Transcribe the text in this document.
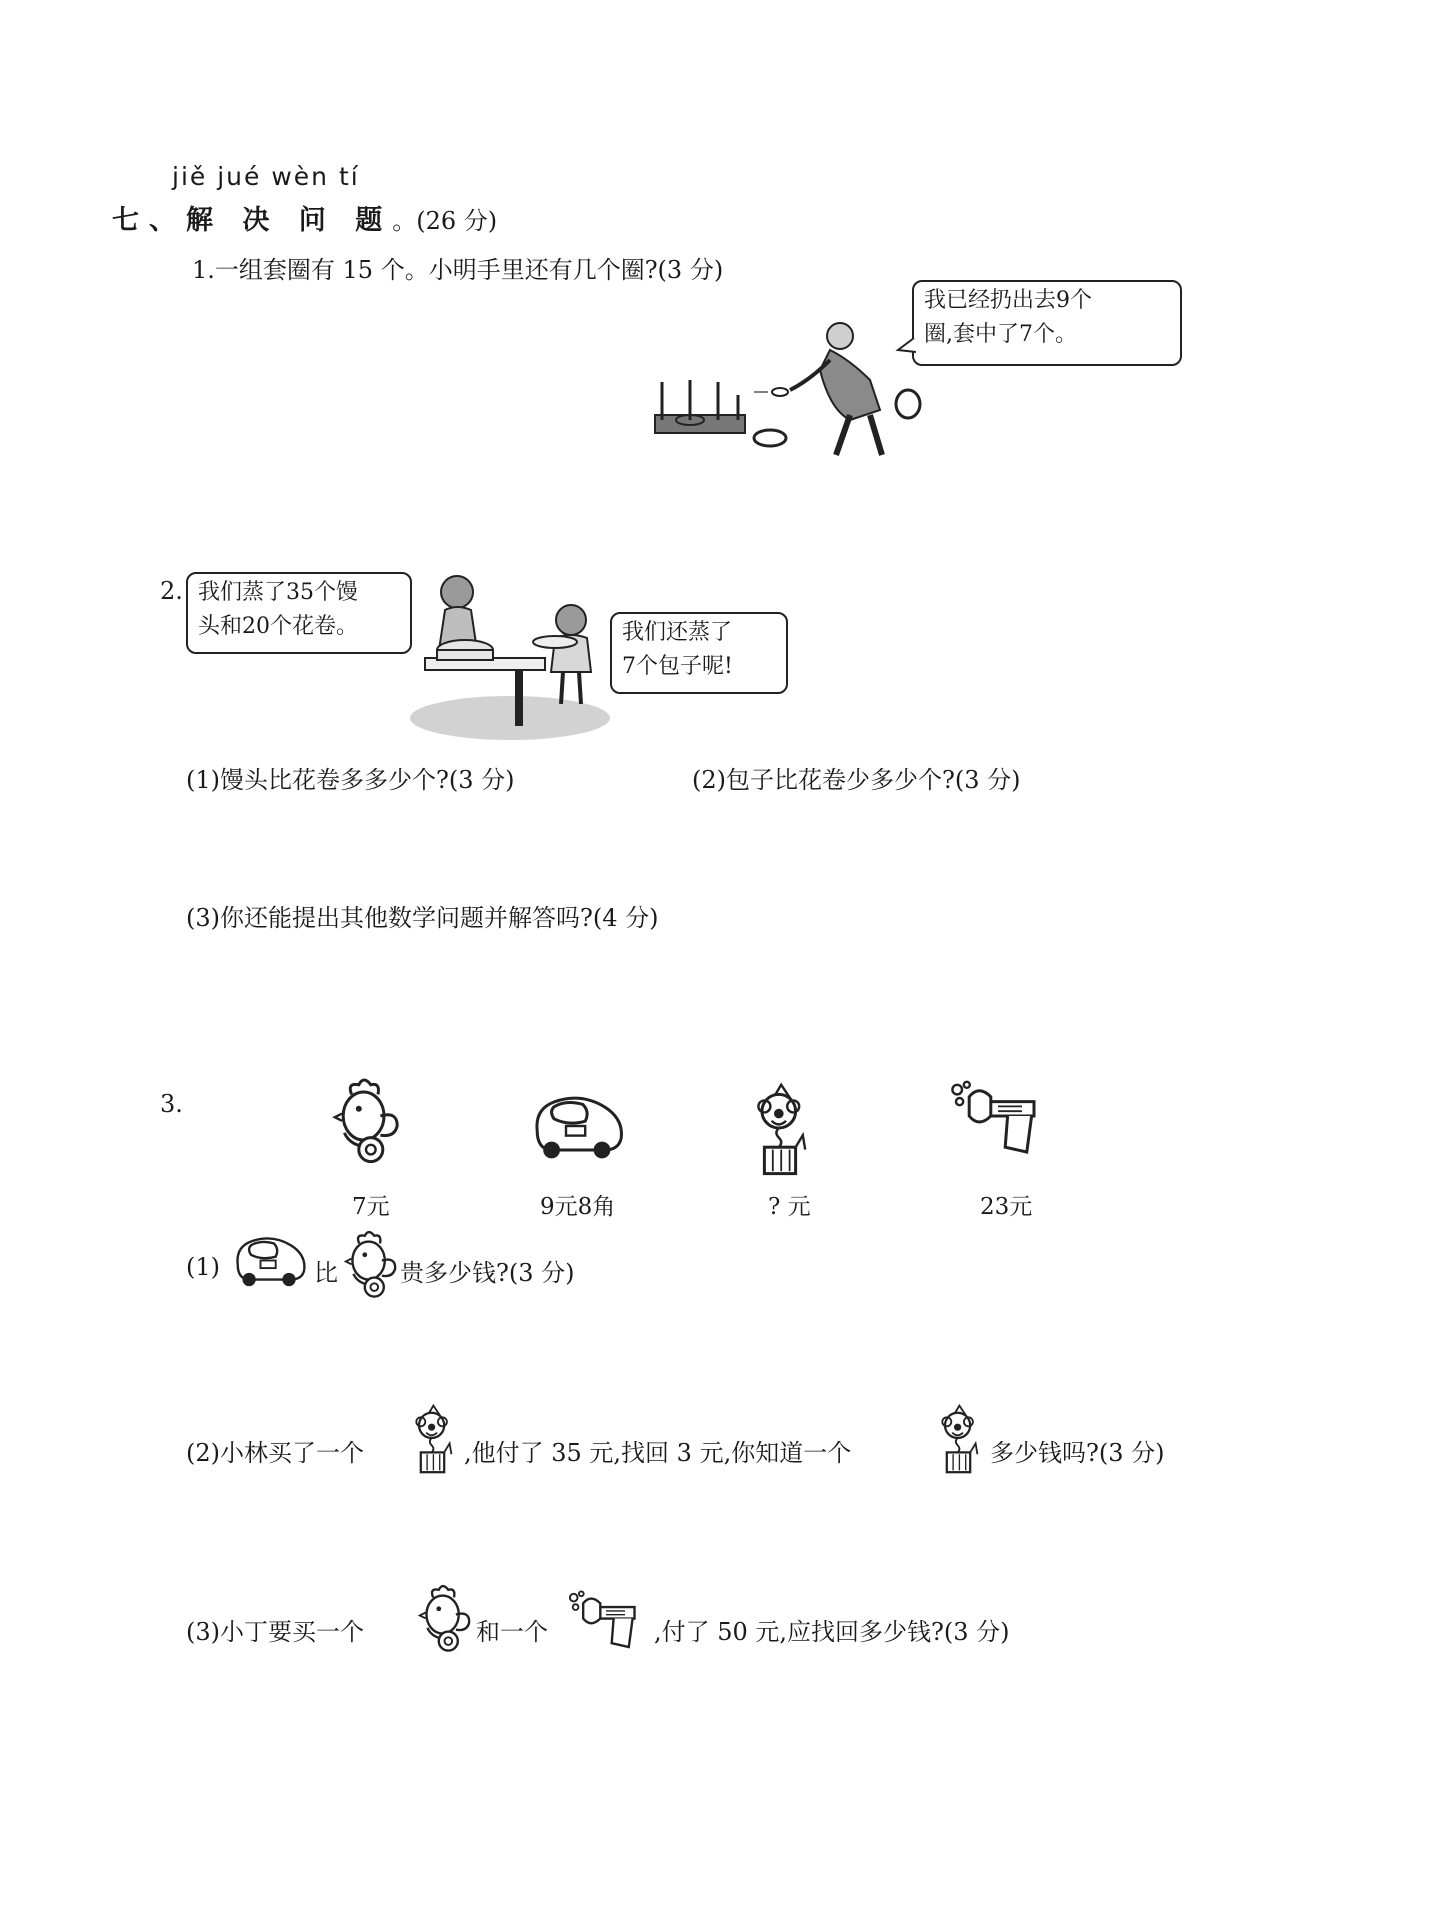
jiě jué wèn tí
七、解 决 问 题。(26 分)
1.一组套圈有 15 个。小明手里还有几个圈?(3 分)
我已经扔出去9个
圈,套中了7个。
2. 我们蒸了35个馒
头和20个花卷。	我们还蒸了
7个包子呢!
(1)馒头比花卷多多少个?(3 分)	(2)包子比花卷少多少个?(3 分)
(3)你还能提出其他数学问题并解答吗?(4 分)
3.
7元	9元8角	? 元	23元
(1)	比	贵多少钱?(3 分)
(2)小林买了一个	,他付了 35 元,找回 3 元,你知道一个	多少钱吗?(3 分)
(3)小丁要买一个	和一个	,付了 50 元,应找回多少钱?(3 分)
